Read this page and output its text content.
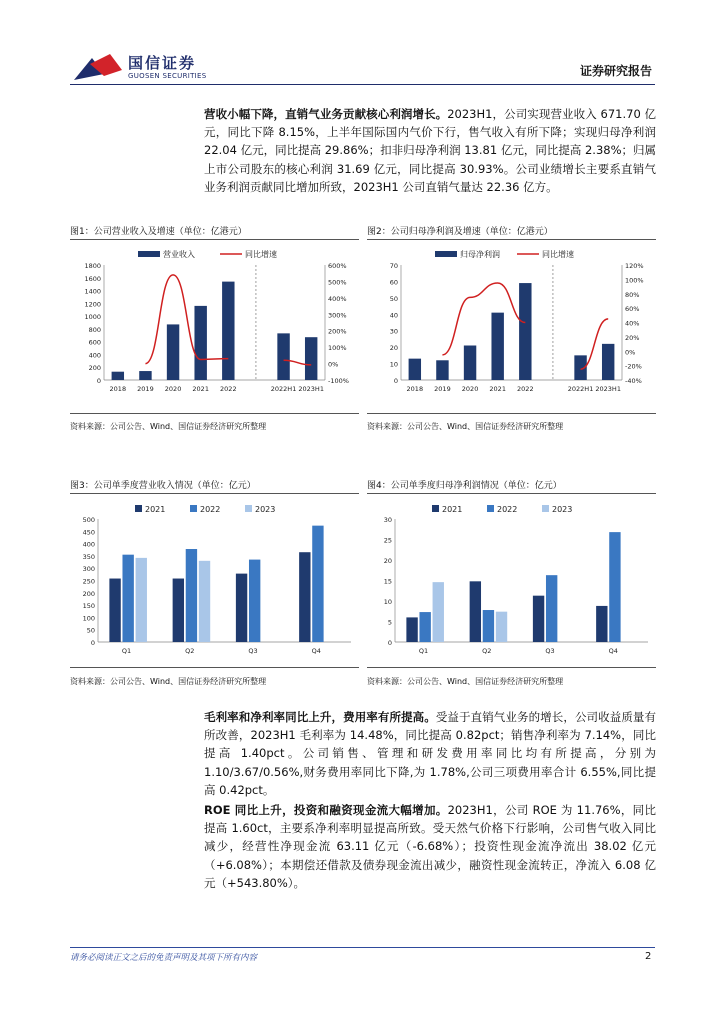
国信证券
GUOSEN SECURITIES	证券研究报告
营收小幅下降，直销气业务贡献核心利润增长。2023H1，公司实现营业收入 671.70 亿元，同比下降 8.15%，上半年国际国内气价下行，售气收入有所下降；实现归母净利润 22.04 亿元，同比提高 29.86%；扣非归母净利润 13.81 亿元，同比提高 2.38%；归属上市公司股东的核心利润 31.69 亿元，同比提高 30.93%。公司业绩增长主要系直销气业务利润贡献同比增加所致，2023H1 公司直销气量达 22.36 亿方。
图1：公司营业收入及增速（单位：亿港元）
营业收入	同比增速
0
200
400
600
800
1000
1200
1400
1600
1800	600%
500%
400%
300%
200%
100%
0%
-100%
2018 2019 2020 2021 2022	2022H1 2023H1
资料来源：公司公告、Wind、国信证券经济研究所整理
图2：公司归母净利润及增速（单位：亿港元）
归母净利润	同比增速
0
10
20
30
40
50
60
70	120%
100%
80%
60%
40%
20%
0%
-20%
-40%
2018 2019 2020 2021 2022	2022H1 2023H1
资料来源：公司公告、Wind、国信证券经济研究所整理
图3：公司单季度营业收入情况（单位：亿元）
2021	2022	2023
0
50
100
150
200
250
300
350
400
450
500
Q1	Q2	Q3	Q4
资料来源：公司公告、Wind、国信证券经济研究所整理
图4：公司单季度归母净利润情况（单位：亿元）
2021	2022	2023
0
5
10
15
20
25
30
Q1	Q2	Q3	Q4
资料来源：公司公告、Wind、国信证券经济研究所整理
毛利率和净利率同比上升，费用率有所提高。受益于直销气业务的增长，公司收益质量有所改善，2023H1 毛利率为 14.48%，同比提高 0.82pct；销售净利率为 7.14%，同比提高 1.40pct。公司销售、管理和研发费用率同比均有所提高，分别为 1.10/3.67/0.56%,财务费用率同比下降,为 1.78%,公司三项费用率合计 6.55%,同比提高 0.42pct。
ROE 同比上升，投资和融资现金流大幅增加。2023H1，公司 ROE 为 11.76%，同比提高 1.60ct，主要系净利率明显提高所致。受天然气价格下行影响，公司售气收入同比减少，经营性净现金流 63.11 亿元（-6.68%）；投资性现金流净流出 38.02 亿元（+6.08%）；本期偿还借款及债券现金流出减少，融资性现金流转正，净流入 6.08 亿元（+543.80%）。
请务必阅读正文之后的免责声明及其项下所有内容	2
